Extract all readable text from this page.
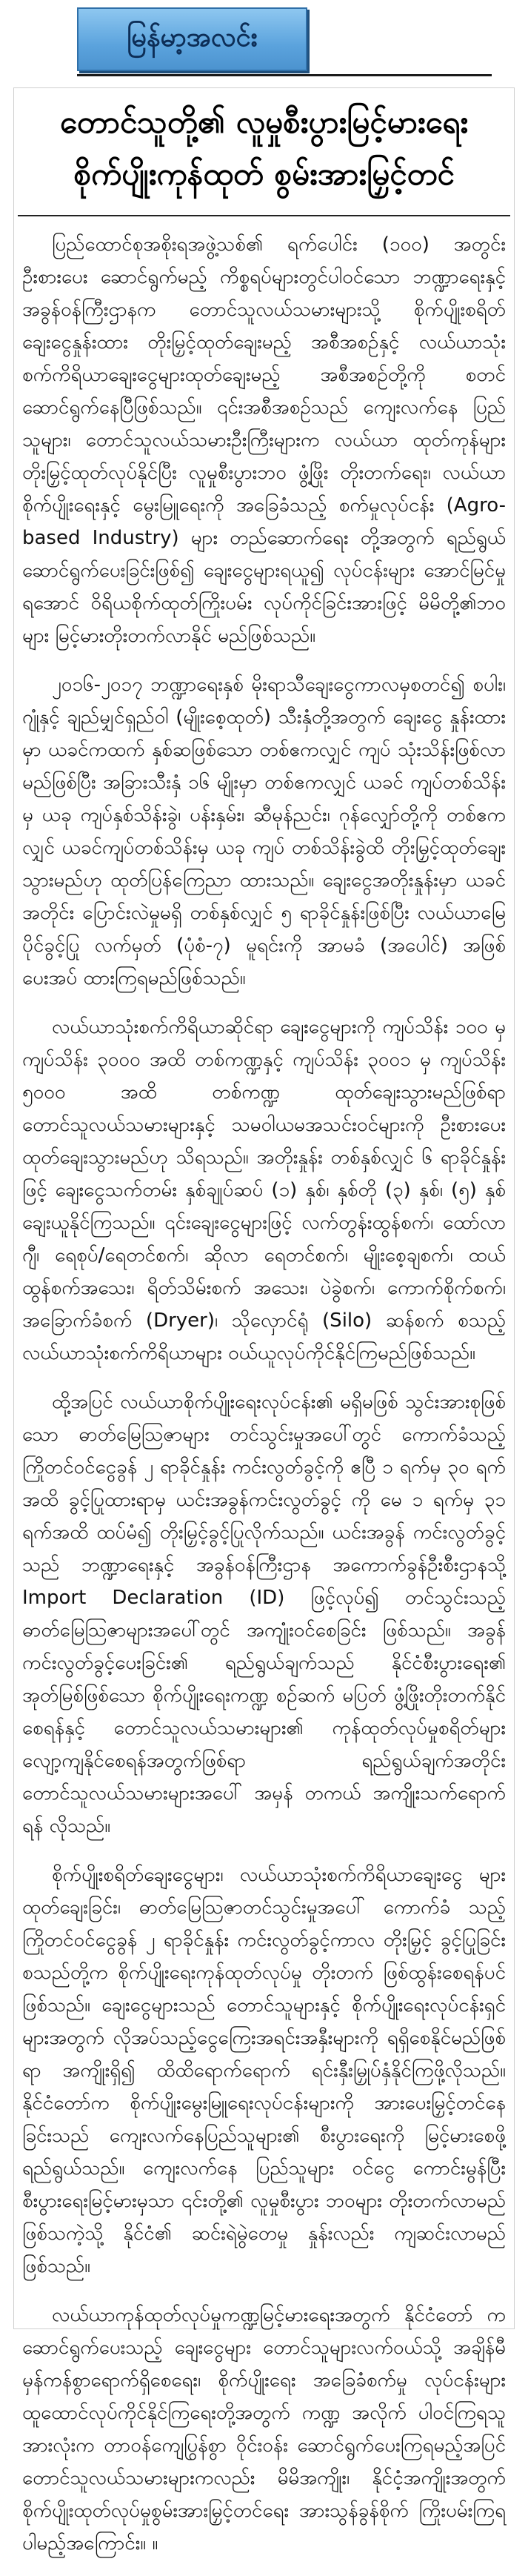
မြန်မာ့အလင်း
တောင်သူတို့၏ လူမှုစီးပွားမြင့်မားရေး
စိုက်ပျိုးကုန်ထုတ် စွမ်းအားမြှင့်တင်

ပြည်ထောင်စုအစိုးရအဖွဲ့သစ်၏ ရက်ပေါင်း (၁၀၀) အတွင်း ဦးစားပေး ဆောင်ရွက်မည့် ကိစ္စရပ်များတွင်ပါဝင်သော ဘဏ္ဍာရေးနှင့် အခွန်ဝန်ကြီးဌာနက တောင်သူလယ်သမားများသို့ စိုက်ပျိုးစရိတ် ချေးငွေနှုန်းထား တိုးမြှင့်ထုတ်ချေးမည့် အစီအစဉ်နှင့် လယ်ယာသုံး စက်ကိရိယာချေးငွေများထုတ်ချေးမည့် အစီအစဉ်တို့ကို စတင် ဆောင်ရွက်နေပြီဖြစ်သည်။ ၎င်းအစီအစဉ်သည် ကျေးလက်နေ ပြည်သူများ၊ တောင်သူလယ်သမားဦးကြီးများက လယ်ယာ ထုတ်ကုန်များ တိုးမြှင့်ထုတ်လုပ်နိုင်ပြီး လူမှုစီးပွားဘဝ ဖွံ့ဖြိုး တိုးတက်ရေး၊ လယ်ယာစိုက်ပျိုးရေးနှင့် မွေးမြူရေးကို အခြေခံသည့် စက်မှုလုပ်ငန်း (Agro- based Industry) များ တည်ဆောက်ရေး တို့အတွက် ရည်ရွယ်ဆောင်ရွက်ပေးခြင်းဖြစ်၍ ချေးငွေများရယူ၍ လုပ်ငန်းများ အောင်မြင်မှုရအောင် ဝိရိယစိုက်ထုတ်ကြိုးပမ်း လုပ်ကိုင်ခြင်းအားဖြင့် မိမိတို့၏ဘဝများ မြင့်မားတိုးတက်လာနိုင် မည်ဖြစ်သည်။

၂၀၁၆-၂၀၁၇ ဘဏ္ဍာရေးနှစ် မိုးရာသီချေးငွေကာလမှစတင်၍ စပါး၊ ဂျုံနှင့် ချည်မျှင်ရှည်ဝါ (မျိုးစေ့ထုတ်) သီးနှံတို့အတွက် ချေးငွေ နှုန်းထားမှာ ယခင်ကထက် နှစ်ဆဖြစ်သော တစ်ဧကလျှင် ကျပ် သုံးသိန်းဖြစ်လာမည်ဖြစ်ပြီး အခြားသီးနှံ ၁၆ မျိုးမှာ တစ်ဧကလျှင် ယခင် ကျပ်တစ်သိန်းမှ ယခု ကျပ်နှစ်သိန်းခွဲ၊ ပန်းနှမ်း၊ ဆီမုန်ညင်း၊ ဂုန်လျှော်တို့ကို တစ်ဧကလျှင် ယခင်ကျပ်တစ်သိန်းမှ ယခု ကျပ် တစ်သိန်းခွဲထိ တိုးမြှင့်ထုတ်ချေးသွားမည်ဟု ထုတ်ပြန်ကြေညာ ထားသည်။ ချေးငွေအတိုးနှုန်းမှာ ယခင်အတိုင်း ပြောင်းလဲမှုမရှိ တစ်နှစ်လျှင် ၅ ရာခိုင်နှုန်းဖြစ်ပြီး လယ်ယာမြေပိုင်ခွင့်ပြု လက်မှတ် (ပုံစံ-၇) မူရင်းကို အာမခံ (အပေါင်) အဖြစ် ပေးအပ် ထားကြရမည်ဖြစ်သည်။

လယ်ယာသုံးစက်ကိရိယာဆိုင်ရာ ချေးငွေများကို ကျပ်သိန်း ၁၀၀ မှ ကျပ်သိန်း ၃၀၀၀ အထိ တစ်ကဏ္ဍနှင့် ကျပ်သိန်း ၃၀၀၁ မှ ကျပ်သိန်း ၅၀၀၀ အထိ တစ်ကဏ္ဍ ထုတ်ချေးသွားမည်ဖြစ်ရာ တောင်သူလယ်သမားများနှင့် သမဝါယမအသင်းဝင်များကို ဦးစားပေး ထုတ်ချေးသွားမည်ဟု သိရသည်။ အတိုးနှုန်း တစ်နှစ်လျှင် ၆ ရာခိုင်နှုန်းဖြင့် ချေးငွေသက်တမ်း နှစ်ချုပ်ဆပ် (၁) နှစ်၊ နှစ်တို (၃) နှစ်၊ (၅) နှစ် ချေးယူနိုင်ကြသည်။ ၎င်းချေးငွေများဖြင့် လက်တွန်းထွန်စက်၊ ထော်လာဂျီ၊ ရေစုပ်/ရေတင်စက်၊ ဆိုလာ ရေတင်စက်၊ မျိုးစေ့ချစက်၊ ထယ်ထွန်စက်အသေး၊ ရိတ်သိမ်းစက် အသေး၊ ပဲခွဲစက်၊ ကောက်စိုက်စက်၊ အခြောက်ခံစက် (Dryer)၊ သိုလှောင်ရုံ (Silo) ဆန်စက် စသည့် လယ်ယာသုံးစက်ကိရိယာများ ဝယ်ယူလုပ်ကိုင်နိုင်ကြမည်ဖြစ်သည်။

ထို့အပြင် လယ်ယာစိုက်ပျိုးရေးလုပ်ငန်း၏ မရှိမဖြစ် သွင်းအားစုဖြစ်သော ဓာတ်မြေဩဇာများ တင်သွင်းမှုအပေါ်တွင် ကောက်ခံသည့် ကြိုတင်ဝင်ငွေခွန် ၂ ရာခိုင်နှုန်း ကင်းလွတ်ခွင့်ကို ဧပြီ ၁ ရက်မှ ၃၀ ရက်အထိ ခွင့်ပြုထားရာမှ ယင်းအခွန်ကင်းလွတ်ခွင့် ကို မေ ၁ ရက်မှ ၃၁ ရက်အထိ ထပ်မံ၍ တိုးမြှင့်ခွင့်ပြုလိုက်သည်။ ယင်းအခွန် ကင်းလွတ်ခွင့်သည် ဘဏ္ဍာရေးနှင့် အခွန်ဝန်ကြီးဌာန အကောက်ခွန်ဦးစီးဌာနသို့ Import Declaration (ID) ဖြင့်လုပ်၍ တင်သွင်းသည့် ဓာတ်မြေဩဇာများအပေါ်တွင် အကျုံးဝင်စေခြင်း ဖြစ်သည်။ အခွန်ကင်းလွတ်ခွင့်ပေးခြင်း၏ ရည်ရွယ်ချက်သည် နိုင်ငံစီးပွားရေး၏ အုတ်မြစ်ဖြစ်သော စိုက်ပျိုးရေးကဏ္ဍ စဉ်ဆက် မပြတ် ဖွံ့ဖြိုးတိုးတက်နိုင်စေရန်နှင့် တောင်သူလယ်သမားများ၏ ကုန်ထုတ်လုပ်မှုစရိတ်များ လျော့ကျနိုင်စေရန်အတွက်ဖြစ်ရာ ရည်ရွယ်ချက်အတိုင်း တောင်သူလယ်သမားများအပေါ် အမှန် တကယ် အကျိုးသက်ရောက်ရန် လိုသည်။

စိုက်ပျိုးစရိတ်ချေးငွေများ၊ လယ်ယာသုံးစက်ကိရိယာချေးငွေ များ ထုတ်ချေးခြင်း၊ ဓာတ်မြေဩဇာတင်သွင်းမှုအပေါ် ကောက်ခံ သည့် ကြိုတင်ဝင်ငွေခွန် ၂ ရာခိုင်နှုန်း ကင်းလွတ်ခွင့်ကာလ တိုးမြှင့် ခွင့်ပြုခြင်း စသည်တို့က စိုက်ပျိုးရေးကုန်ထုတ်လုပ်မှု တိုးတက် ဖြစ်ထွန်းစေရန်ပင်ဖြစ်သည်။ ချေးငွေများသည် တောင်သူများနှင့် စိုက်ပျိုးရေးလုပ်ငန်းရှင်များအတွက် လိုအပ်သည့်ငွေကြေးအရင်းအနှီးများကို ရရှိစေနိုင်မည်ဖြစ်ရာ အကျိုးရှိ၍ ထိထိရောက်ရောက် ရင်းနှီးမြှုပ်နှံနိုင်ကြဖို့လိုသည်။ နိုင်ငံတော်က စိုက်ပျိုးမွေးမြူရေးလုပ်ငန်းများကို အားပေးမြှင့်တင်နေခြင်းသည် ကျေးလက်နေပြည်သူများ၏ စီးပွားရေးကို မြင့်မားစေဖို့ရည်ရွယ်သည်။ ကျေးလက်နေ ပြည်သူများ ဝင်ငွေ ကောင်းမွန်ပြီး စီးပွားရေးမြင့်မားမှသာ ၎င်းတို့၏ လူမှုစီးပွား ဘဝများ တိုးတက်လာမည်ဖြစ်သကဲ့သို့ နိုင်ငံ၏ ဆင်းရဲမွဲတေမှု နှုန်းလည်း ကျဆင်းလာမည်ဖြစ်သည်။

လယ်ယာကုန်ထုတ်လုပ်မှုကဏ္ဍမြင့်မားရေးအတွက် နိုင်ငံတော် က ဆောင်ရွက်ပေးသည့် ချေးငွေများ တောင်သူများလက်ဝယ်သို့ အချိန်မီမှန်ကန်စွာရောက်ရှိစေရေး၊ စိုက်ပျိုးရေး အခြေခံစက်မှု လုပ်ငန်းများ ထူထောင်လုပ်ကိုင်နိုင်ကြရေးတို့အတွက် ကဏ္ဍ အလိုက် ပါဝင်ကြရသူအားလုံးက တာဝန်ကျေပြွန်စွာ ဝိုင်းဝန်း ဆောင်ရွက်ပေးကြရမည့်အပြင် တောင်သူလယ်သမားများကလည်း မိမိအကျိုး၊ နိုင်ငံ့အကျိုးအတွက် စိုက်ပျိုးထုတ်လုပ်မှုစွမ်းအားမြှင့်တင်ရေး အားသွန်ခွန်စိုက် ကြိုးပမ်းကြရပါမည့်အကြောင်း။ ။
